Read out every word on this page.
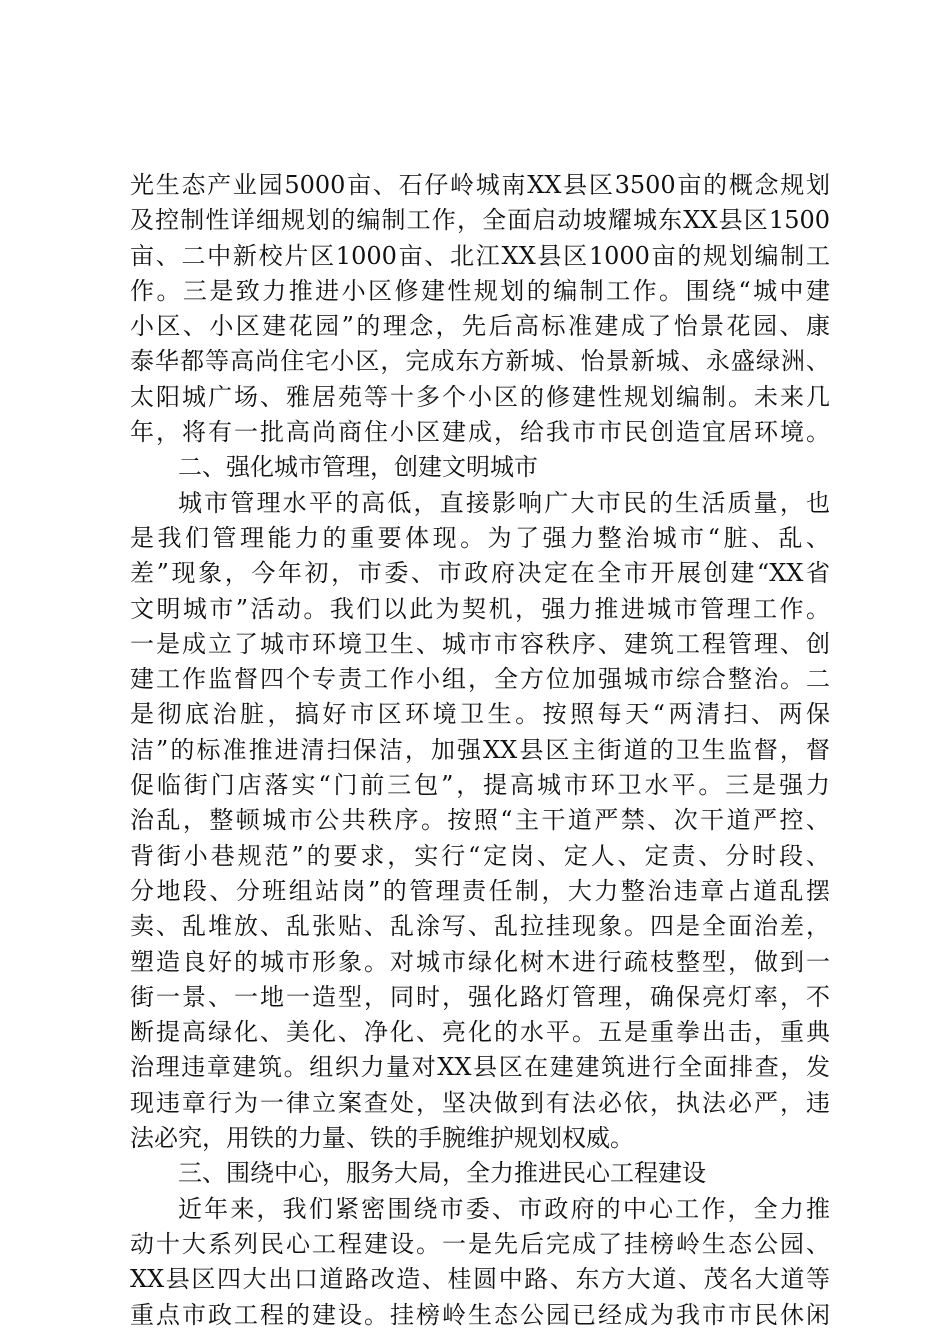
光生态产业园5000亩、石仔岭城南XX县区3500亩的概念规划
及控制性详细规划的编制工作，全面启动坡耀城东XX县区1500
亩、二中新校片区1000亩、北江XX县区1000亩的规划编制工
作。三是致力推进小区修建性规划的编制工作。围绕“城中建
小区、小区建花园”的理念，先后高标准建成了怡景花园、康
泰华都等高尚住宅小区，完成东方新城、怡景新城、永盛绿洲、
太阳城广场、雅居苑等十多个小区的修建性规划编制。未来几
年，将有一批高尚商住小区建成，给我市市民创造宜居环境。
二、强化城市管理，创建文明城市
城市管理水平的高低，直接影响广大市民的生活质量，也
是我们管理能力的重要体现。为了强力整治城市“脏、乱、
差”现象，今年初，市委、市政府决定在全市开展创建“XX省
文明城市”活动。我们以此为契机，强力推进城市管理工作。
一是成立了城市环境卫生、城市市容秩序、建筑工程管理、创
建工作监督四个专责工作小组，全方位加强城市综合整治。二
是彻底治脏，搞好市区环境卫生。按照每天“两清扫、两保
洁”的标准推进清扫保洁，加强XX县区主街道的卫生监督，督
促临街门店落实“门前三包”，提高城市环卫水平。三是强力
治乱，整顿城市公共秩序。按照“主干道严禁、次干道严控、
背街小巷规范”的要求，实行“定岗、定人、定责、分时段、
分地段、分班组站岗”的管理责任制，大力整治违章占道乱摆
卖、乱堆放、乱张贴、乱涂写、乱拉挂现象。四是全面治差，
塑造良好的城市形象。对城市绿化树木进行疏枝整型，做到一
街一景、一地一造型，同时，强化路灯管理，确保亮灯率，不
断提高绿化、美化、净化、亮化的水平。五是重拳出击，重典
治理违章建筑。组织力量对XX县区在建建筑进行全面排查，发
现违章行为一律立案查处，坚决做到有法必依，执法必严，违
法必究，用铁的力量、铁的手腕维护规划权威。
三、围绕中心，服务大局，全力推进民心工程建设
近年来，我们紧密围绕市委、市政府的中心工作，全力推
动十大系列民心工程建设。一是先后完成了挂榜岭生态公园、
XX县区四大出口道路改造、桂圆中路、东方大道、茂名大道等
重点市政工程的建设。挂榜岭生态公园已经成为我市市民休闲
